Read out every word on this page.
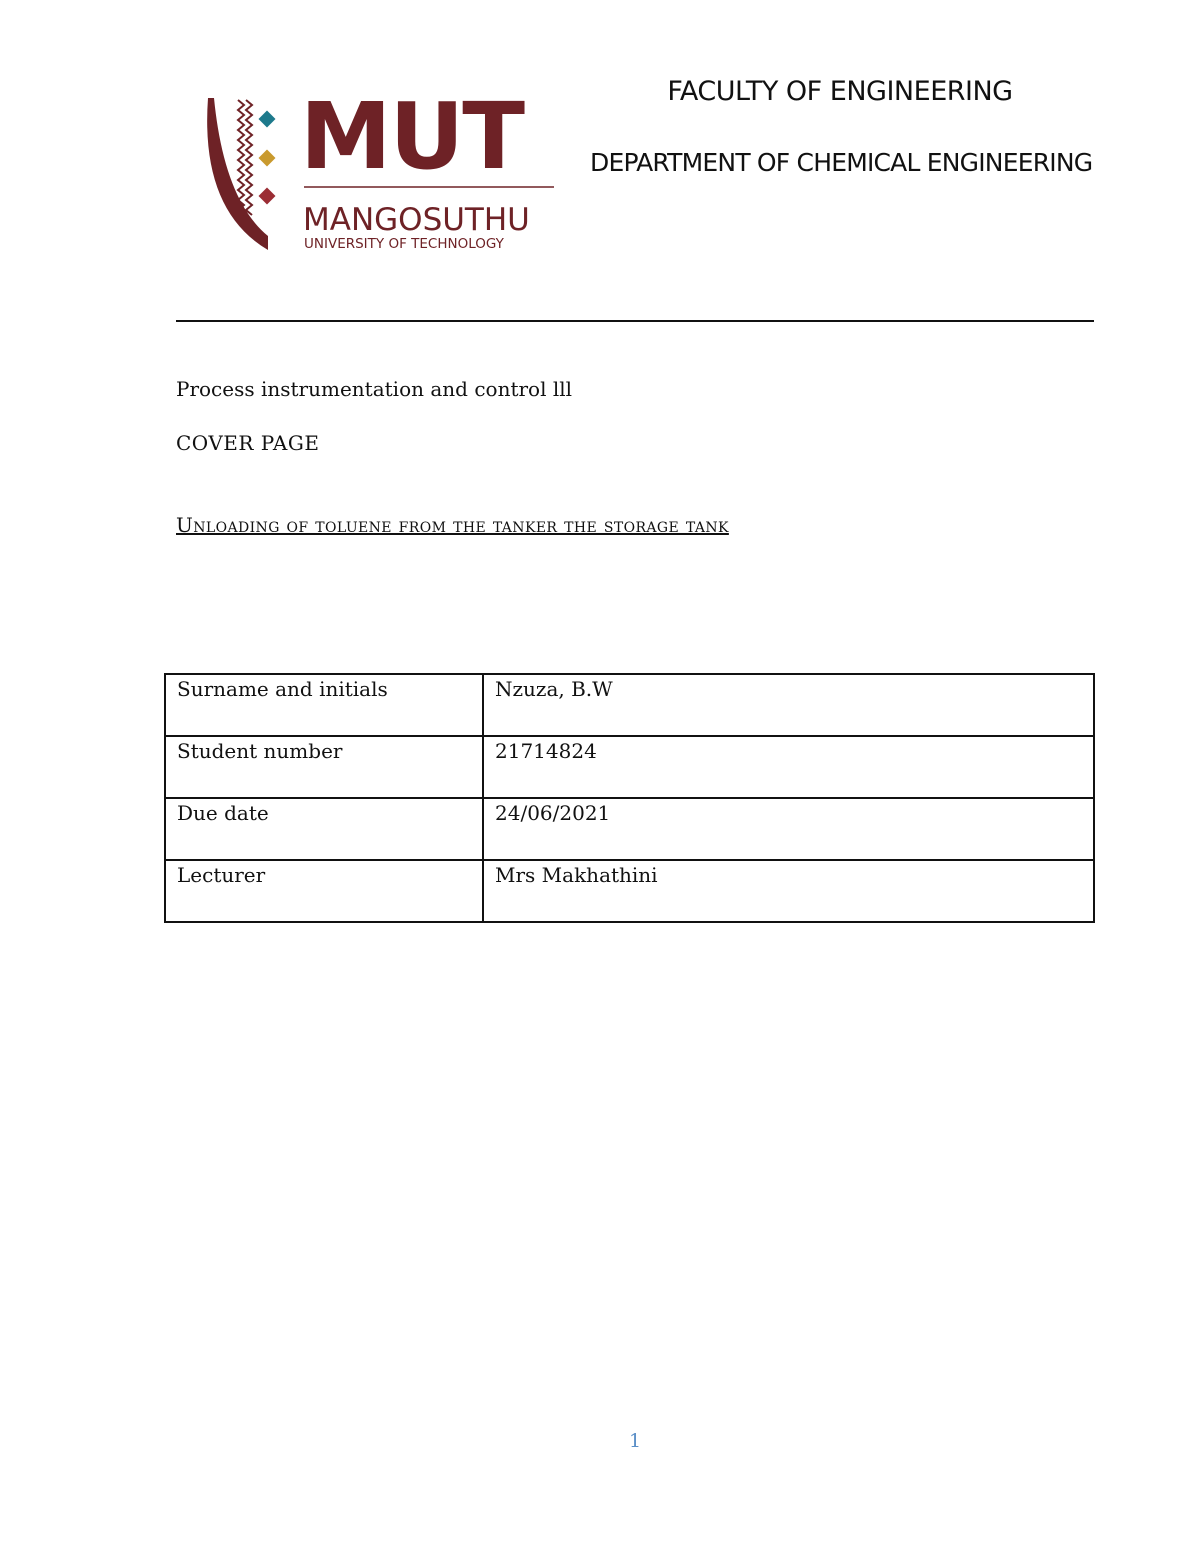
MUT
MANGOSUTHU
UNIVERSITY OF TECHNOLOGY
FACULTY OF ENGINEERING
DEPARTMENT OF CHEMICAL ENGINEERING
Process instrumentation and control lll
COVER PAGE
Unloading of toluene from the tanker the storage tank
Surname and initials	Nzuza, B.W
Student number	21714824
Due date	24/06/2021
Lecturer	Mrs Makhathini
1
